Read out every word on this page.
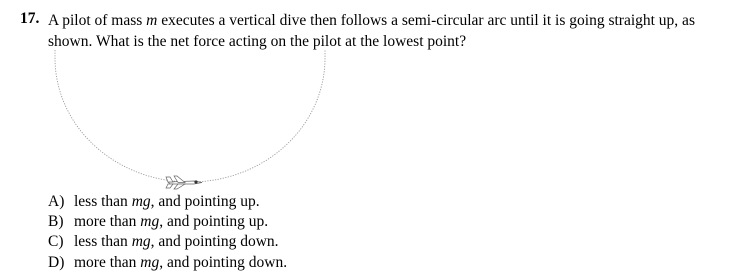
17. A pilot of mass m executes a vertical dive then follows a semi-circular arc until it is going straight up, as
shown. What is the net force acting on the pilot at the lowest point?
A) less than mg, and pointing up.
B) more than mg, and pointing up.
C) less than mg, and pointing down.
D) more than mg, and pointing down.
